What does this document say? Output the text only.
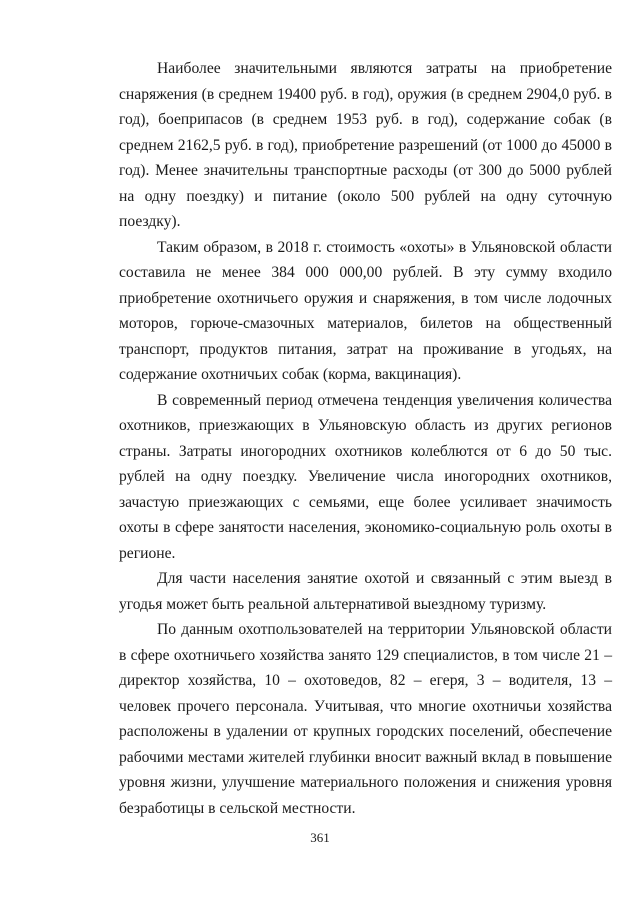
Наиболее значительными являются затраты на приобретение снаряжения (в среднем 19400 руб. в год), оружия (в среднем 2904,0 руб. в год), боеприпасов (в среднем 1953 руб. в год), содержание собак (в среднем 2162,5 руб. в год), приобретение разрешений (от 1000 до 45000 в год). Менее значительны транспортные расходы (от 300 до 5000 рублей на одну поездку) и питание (около 500 рублей на одну суточную поездку).

Таким образом, в 2018 г. стоимость «охоты» в Ульяновской области составила не менее 384 000 000,00 рублей. В эту сумму входило приобретение охотничьего оружия и снаряжения, в том числе лодочных моторов, горюче-смазочных материалов, билетов на общественный транспорт, продуктов питания, затрат на проживание в угодьях, на содержание охотничьих собак (корма, вакцинация).

В современный период отмечена тенденция увеличения количества охотников, приезжающих в Ульяновскую область из других регионов страны. Затраты иногородних охотников колеблются от 6 до 50 тыс. рублей на одну поездку. Увеличение числа иногородних охотников, зачастую приезжающих с семьями, еще более усиливает значимость охоты в сфере занятости населения, экономико-социальную роль охоты в регионе.

Для части населения занятие охотой и связанный с этим выезд в угодья может быть реальной альтернативой выездному туризму.

По данным охотпользователей на территории Ульяновской области в сфере охотничьего хозяйства занято 129 специалистов, в том числе 21 – директор хозяйства, 10 – охотоведов, 82 – егеря, 3 – водителя, 13 – человек прочего персонала. Учитывая, что многие охотничьи хозяйства расположены в удалении от крупных городских поселений, обеспечение рабочими местами жителей глубинки вносит важный вклад в повышение уровня жизни, улучшение материального положения и снижения уровня безработицы в сельской местности.

361
